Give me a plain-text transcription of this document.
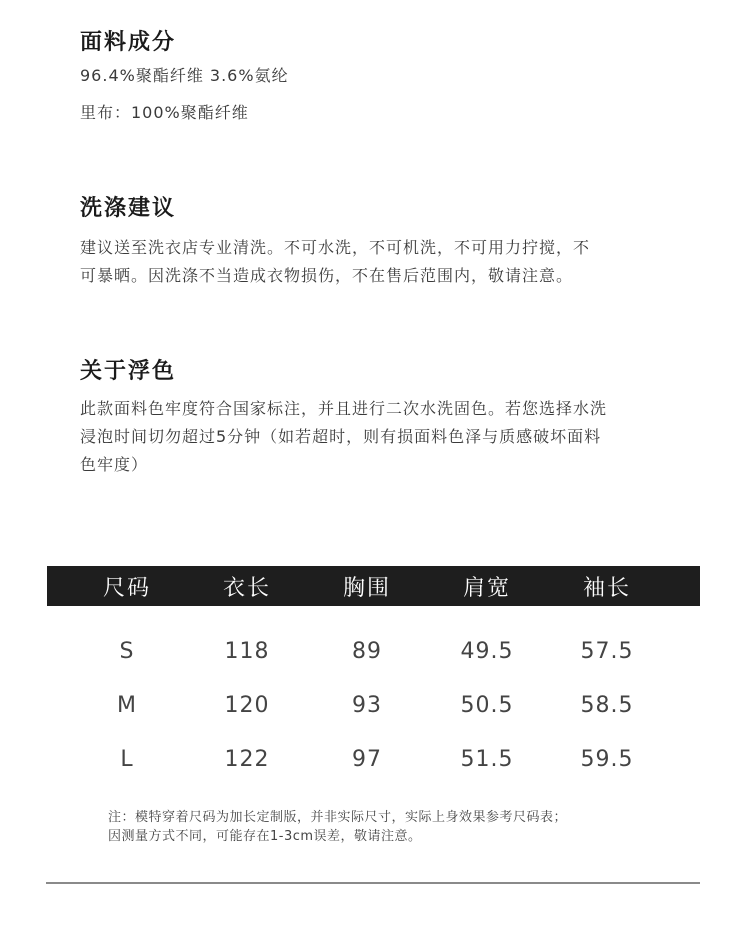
面料成分

96.4%聚酯纤维 3.6%氨纶

里布：100%聚酯纤维

洗涤建议

建议送至洗衣店专业清洗。不可水洗，不可机洗，不可用力拧搅，不
可暴晒。因洗涤不当造成衣物损伤，不在售后范围内，敬请注意。

关于浮色

此款面料色牢度符合国家标注，并且进行二次水洗固色。若您选择水洗
浸泡时间切勿超过5分钟（如若超时，则有损面料色泽与质感破坏面料
色牢度）

尺码	衣长	胸围	肩宽	袖长
S	118	89	49.5	57.5
M	120	93	50.5	58.5
L	122	97	51.5	59.5
注：模特穿着尺码为加长定制版，并非实际尺寸，实际上身效果参考尺码表；
因测量方式不同，可能存在1-3cm误差，敬请注意。
